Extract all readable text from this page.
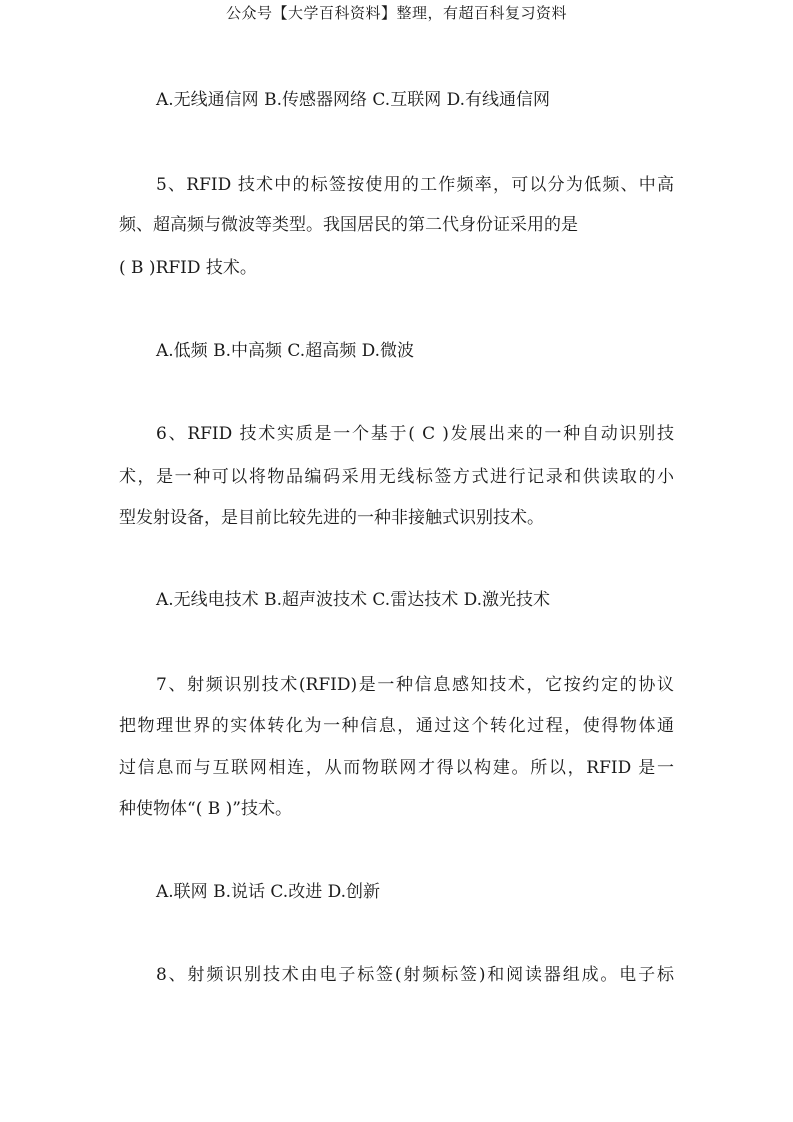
公众号【大学百科资料】整理，有超百科复习资料
A.无线通信网 B.传感器网络 C.互联网 D.有线通信网
5、RFID 技术中的标签按使用的工作频率，可以分为低频、中高
频、超高频与微波等类型。我国居民的第二代身份证采用的是
( B )RFID 技术。
A.低频 B.中高频 C.超高频 D.微波
6、RFID 技术实质是一个基于( C )发展出来的一种自动识别技
术，是一种可以将物品编码采用无线标签方式进行记录和供读取的小
型发射设备，是目前比较先进的一种非接触式识别技术。
A.无线电技术 B.超声波技术 C.雷达技术 D.激光技术
7、射频识别技术(RFID)是一种信息感知技术，它按约定的协议
把物理世界的实体转化为一种信息，通过这个转化过程，使得物体通
过信息而与互联网相连，从而物联网才得以构建。所以，RFID 是一
种使物体“( B )”技术。
A.联网 B.说话 C.改进 D.创新
8、射频识别技术由电子标签(射频标签)和阅读器组成。电子标
